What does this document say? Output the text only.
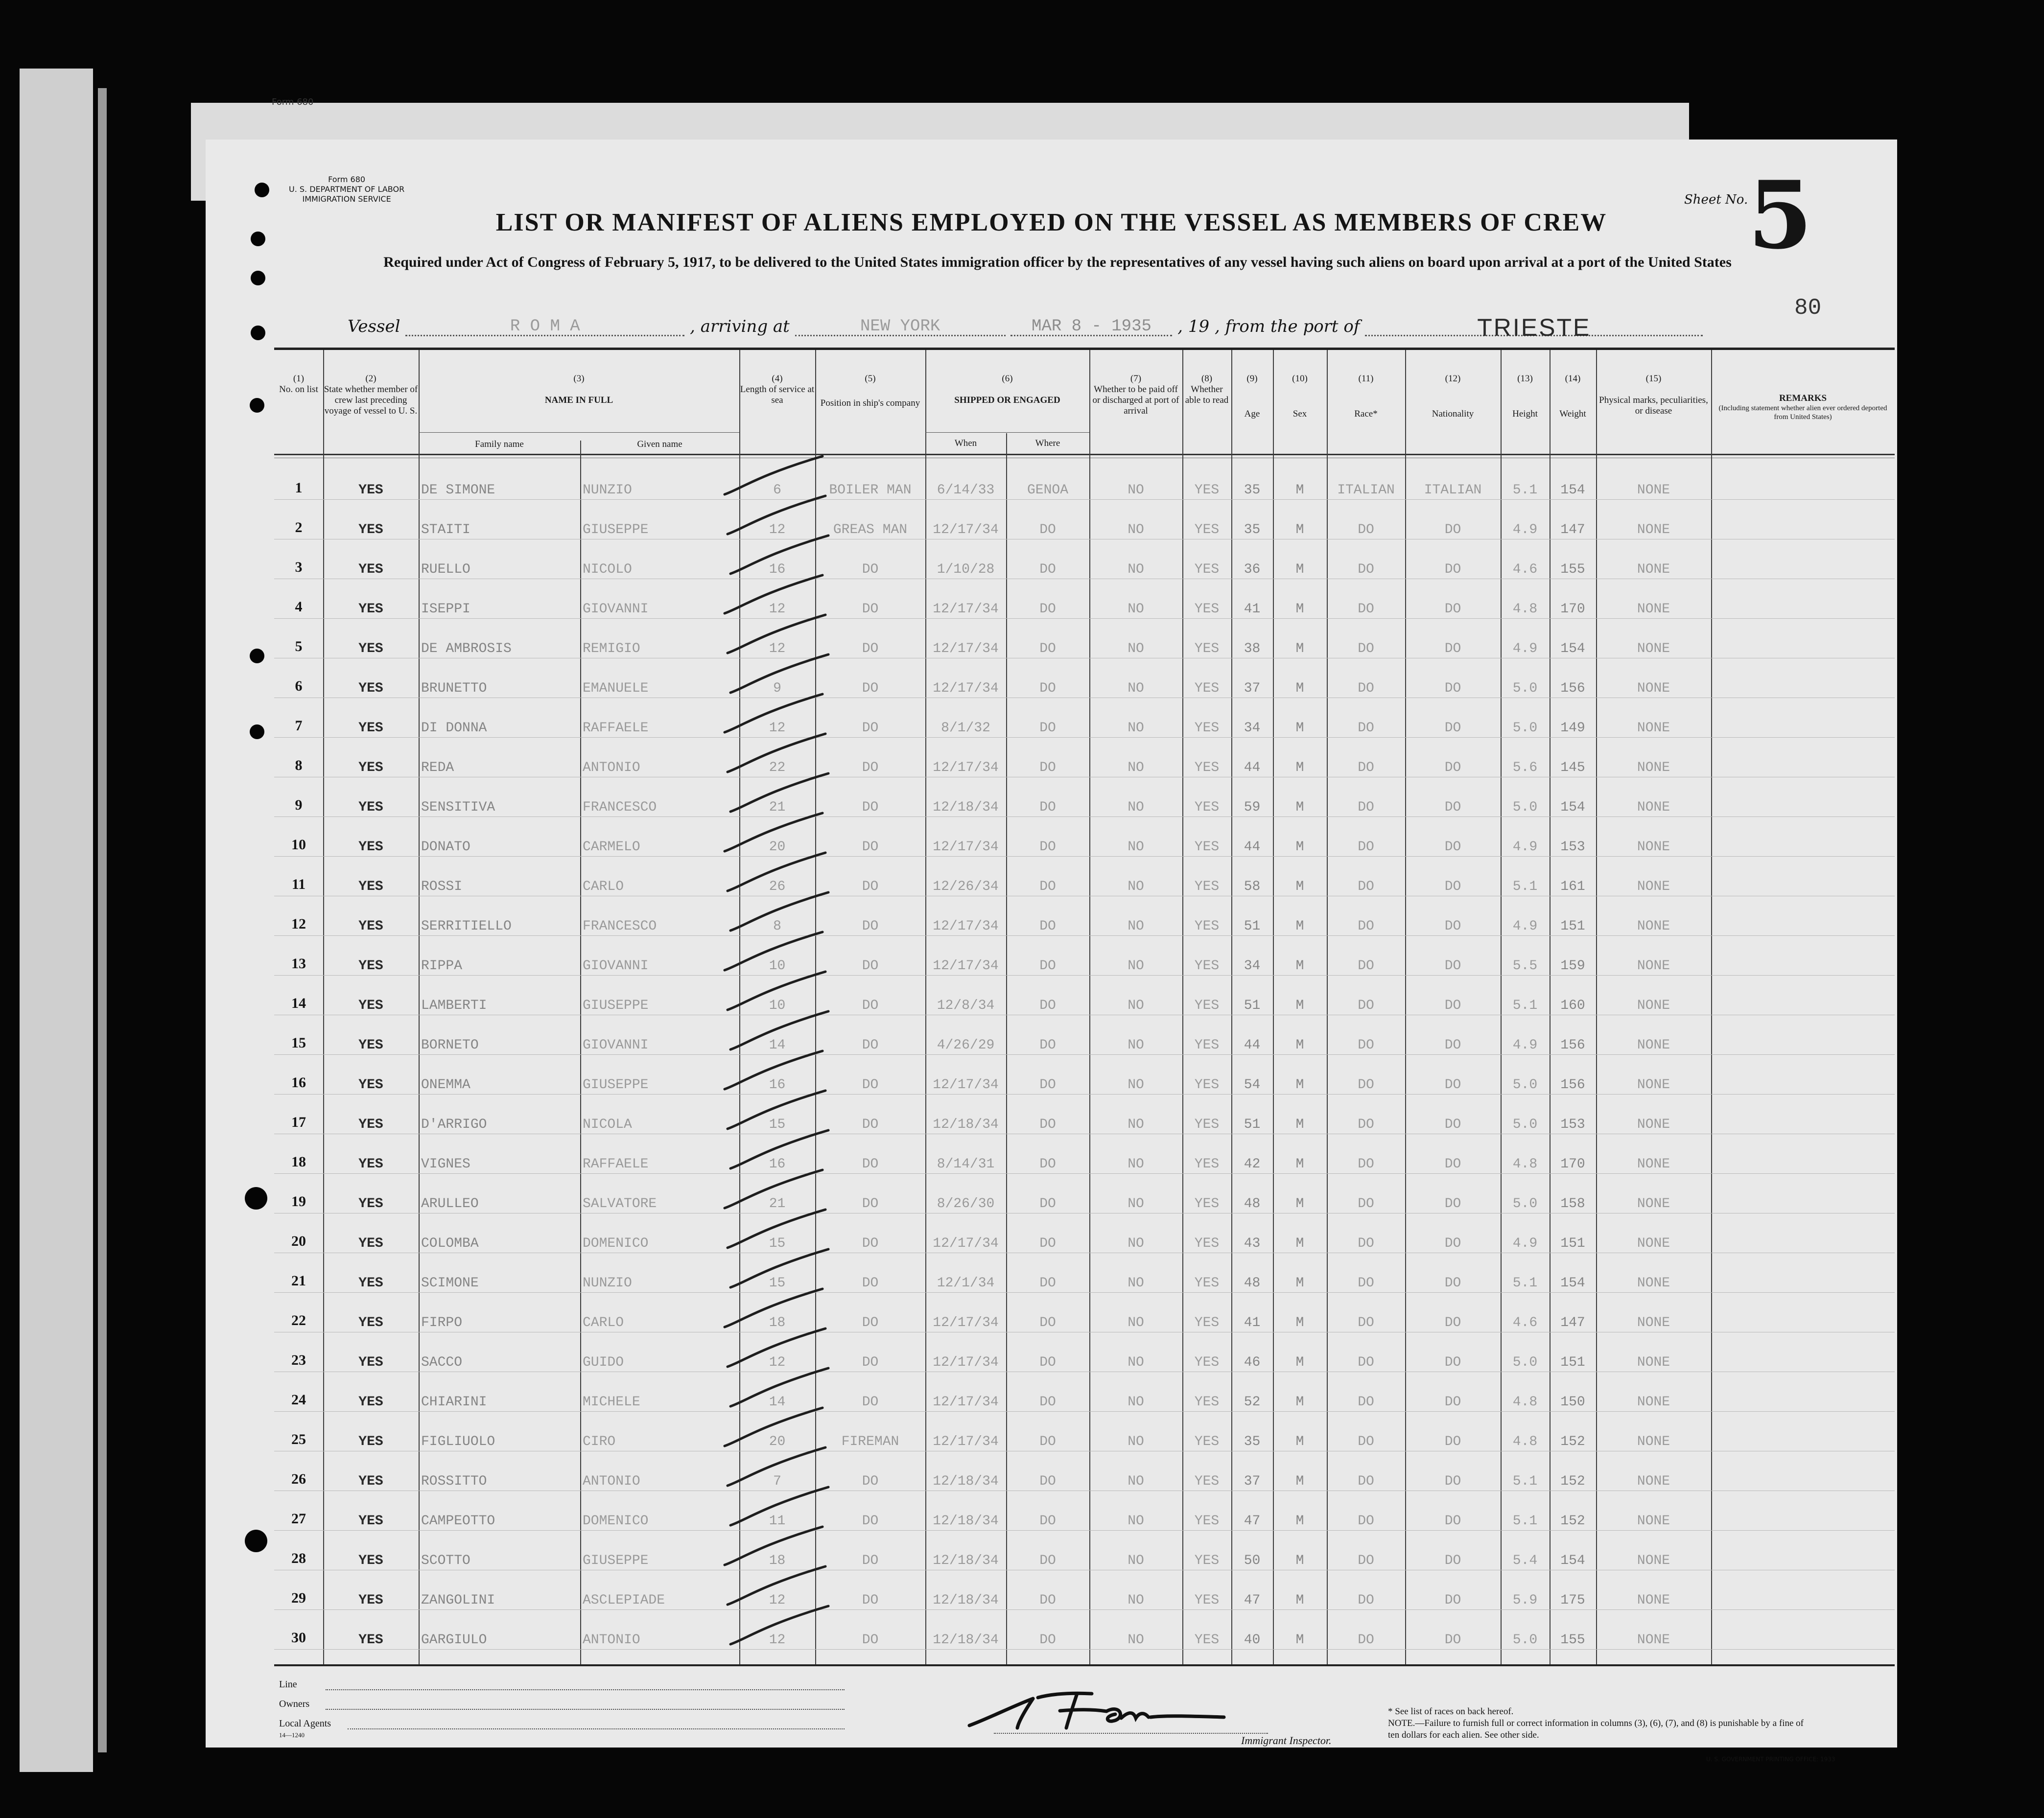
Form 680
Form 680
U. S. DEPARTMENT OF LABOR
IMMIGRATION SERVICE	Sheet No. 5
LIST OR MANIFEST OF ALIENS EMPLOYED ON THE VESSEL AS MEMBERS OF CREW
Required under Act of Congress of February 5, 1917, to be delivered to the United States immigration officer by the representatives of any vessel having such aliens on board upon arrival at a port of the United States
Vessel	R O M A	, arriving at	NEW YORK	MAR 8 - 1935 , 19 , from the port of	TRIESTE
80
(1)
No. on list
(2)
State whether member of crew last preceding voyage of vessel to U. S.
(3)
NAME IN FULL
Family name	Given name
(4)
Length of service at sea
(5)
Position in ship's company
(6)
SHIPPED OR ENGAGED
When	Where
(7)
Whether to be paid off or discharged at port of arrival
(8)
Whether able to read
(9)
Age
(10)
Sex
(11)
Race*
(12)
Nationality
(13)
Height
(14)
Weight
(15)
Physical marks, peculiarities, or disease
REMARKS
(Including statement whether alien ever ordered deported from United States)
1	YES	DE SIMONE	NUNZIO	6	BOILER MAN	6/14/33	GENOA	NO	YES	35	M	ITALIAN	ITALIAN	5.1	154	NONE
2	YES	STAITI	GIUSEPPE	12	GREAS MAN	12/17/34	DO	NO	YES	35	M	DO	DO	4.9	147	NONE
3	YES	RUELLO	NICOLO	16	DO	1/10/28	DO	NO	YES	36	M	DO	DO	4.6	155	NONE
4	YES	ISEPPI	GIOVANNI	12	DO	12/17/34	DO	NO	YES	41	M	DO	DO	4.8	170	NONE
5	YES	DE AMBROSIS	REMIGIO	12	DO	12/17/34	DO	NO	YES	38	M	DO	DO	4.9	154	NONE
6	YES	BRUNETTO	EMANUELE	9	DO	12/17/34	DO	NO	YES	37	M	DO	DO	5.0	156	NONE
7	YES	DI DONNA	RAFFAELE	12	DO	8/1/32	DO	NO	YES	34	M	DO	DO	5.0	149	NONE
8	YES	REDA	ANTONIO	22	DO	12/17/34	DO	NO	YES	44	M	DO	DO	5.6	145	NONE
9	YES	SENSITIVA	FRANCESCO	21	DO	12/18/34	DO	NO	YES	59	M	DO	DO	5.0	154	NONE
10	YES	DONATO	CARMELO	20	DO	12/17/34	DO	NO	YES	44	M	DO	DO	4.9	153	NONE
11	YES	ROSSI	CARLO	26	DO	12/26/34	DO	NO	YES	58	M	DO	DO	5.1	161	NONE
12	YES	SERRITIELLO	FRANCESCO	8	DO	12/17/34	DO	NO	YES	51	M	DO	DO	4.9	151	NONE
13	YES	RIPPA	GIOVANNI	10	DO	12/17/34	DO	NO	YES	34	M	DO	DO	5.5	159	NONE
14	YES	LAMBERTI	GIUSEPPE	10	DO	12/8/34	DO	NO	YES	51	M	DO	DO	5.1	160	NONE
15	YES	BORNETO	GIOVANNI	14	DO	4/26/29	DO	NO	YES	44	M	DO	DO	4.9	156	NONE
16	YES	ONEMMA	GIUSEPPE	16	DO	12/17/34	DO	NO	YES	54	M	DO	DO	5.0	156	NONE
17	YES	D'ARRIGO	NICOLA	15	DO	12/18/34	DO	NO	YES	51	M	DO	DO	5.0	153	NONE
18	YES	VIGNES	RAFFAELE	16	DO	8/14/31	DO	NO	YES	42	M	DO	DO	4.8	170	NONE
19	YES	ARULLEO	SALVATORE	21	DO	8/26/30	DO	NO	YES	48	M	DO	DO	5.0	158	NONE
20	YES	COLOMBA	DOMENICO	15	DO	12/17/34	DO	NO	YES	43	M	DO	DO	4.9	151	NONE
21	YES	SCIMONE	NUNZIO	15	DO	12/1/34	DO	NO	YES	48	M	DO	DO	5.1	154	NONE
22	YES	FIRPO	CARLO	18	DO	12/17/34	DO	NO	YES	41	M	DO	DO	4.6	147	NONE
23	YES	SACCO	GUIDO	12	DO	12/17/34	DO	NO	YES	46	M	DO	DO	5.0	151	NONE
24	YES	CHIARINI	MICHELE	14	DO	12/17/34	DO	NO	YES	52	M	DO	DO	4.8	150	NONE
25	YES	FIGLIUOLO	CIRO	20	FIREMAN	12/17/34	DO	NO	YES	35	M	DO	DO	4.8	152	NONE
26	YES	ROSSITTO	ANTONIO	7	DO	12/18/34	DO	NO	YES	37	M	DO	DO	5.1	152	NONE
27	YES	CAMPEOTTO	DOMENICO	11	DO	12/18/34	DO	NO	YES	47	M	DO	DO	5.1	152	NONE
28	YES	SCOTTO	GIUSEPPE	18	DO	12/18/34	DO	NO	YES	50	M	DO	DO	5.4	154	NONE
29	YES	ZANGOLINI	ASCLEPIADE	12	DO	12/18/34	DO	NO	YES	47	M	DO	DO	5.9	175	NONE
30	YES	GARGIULO	ANTONIO	12	DO	12/18/34	DO	NO	YES	40	M	DO	DO	5.0	155	NONE
Line
Owners
Local Agents
14—1240	Immigrant Inspector.
* See list of races on back hereof.
NOTE.—Failure to furnish full or correct information in columns (3), (6), (7), and (8) is punishable by a fine of ten dollars for each alien. See other side.
U. S. GOVERNMENT PRINTING OFFICE: 1933
